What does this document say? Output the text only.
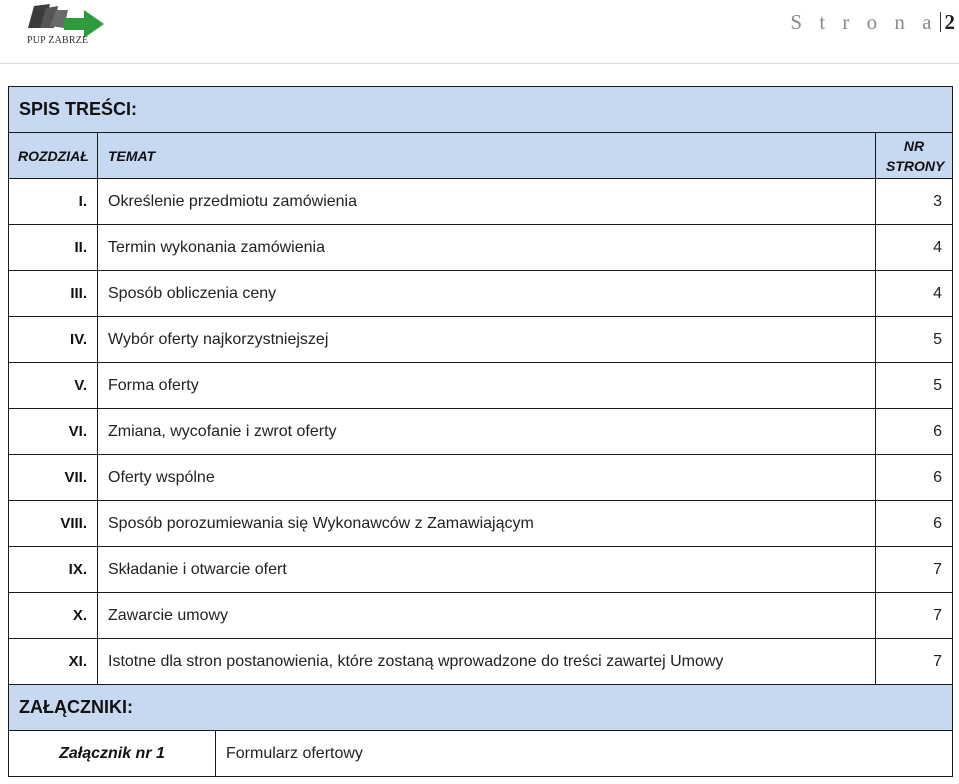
PUP ZABRZE
S t r o n a 2
SPIS TREŚCI:			
ROZDZIAŁ	TEMAT		NR STRONY
I.	Określenie przedmiotu zamówienia		3
II.	Termin wykonania zamówienia		4
III.	Sposób obliczenia ceny		4
IV.	Wybór oferty najkorzystniejszej		5
V.	Forma oferty		5
VI.	Zmiana, wycofanie i zwrot oferty		6
VII.	Oferty wspólne		6
VIII.	Sposób porozumiewania się Wykonawców z Zamawiającym		6
IX.	Składanie i otwarcie ofert		7
X.	Zawarcie umowy		7
XI.	Istotne dla stron postanowienia, które zostaną wprowadzone do treści zawartej Umowy		7
ZAŁĄCZNIKI:			
Załącznik nr 1		Formularz ofertowy	
